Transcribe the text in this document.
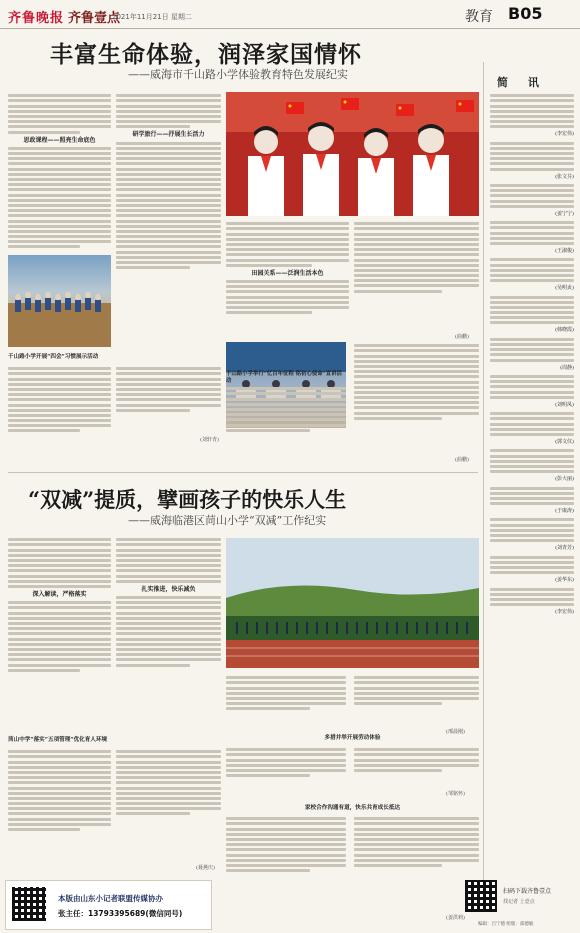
齐鲁晚报 齐鲁壹点
2021年11月21日 星期二	教育 B05
丰富生命体验，润泽家国情怀
——威海市千山路小学体验教育特色发展纪实
简 讯
思政课程——照亮生命底色
千山路小学开展“四会”习惯展示活动
研学旅行——抒展生长活力
田园关系——泛润生活本色
(曲鹏)
(刘轩青)
千山路小学举行“忆百年征程 铭初心使命”宣讲活动
(曲鹏)
“双减”提质，擘画孩子的快乐人生
——威海临港区苘山小学“双减”工作纪实
深入解读，严格落实
苘山中学“落实”五项管理“优化育人环境
扎实推进，快乐减负
(聂燕庆)
(邢晨刚)
多措并举开展劳动体验
(邹铭怀)
家校合作沟通有道，快乐共育成长抵达
(姜洪莉)
(李宏伟)
(张文芬)
(姜宁宁)
(王淑俊)
(吴明贞)
(韩晓霞)
(周静)
(刘明凤)
(郭文仪)
(彭大丽)
(于康涛)
(刘青芳)
(姜华东)
(李宏伟)
本版由山东小记者联盟传媒协办
张主任：13793395689(微信同号)
扫码下载齐鲁壹点
找记者 上壹点
编辑：吕宁德 组版：邵德敏
